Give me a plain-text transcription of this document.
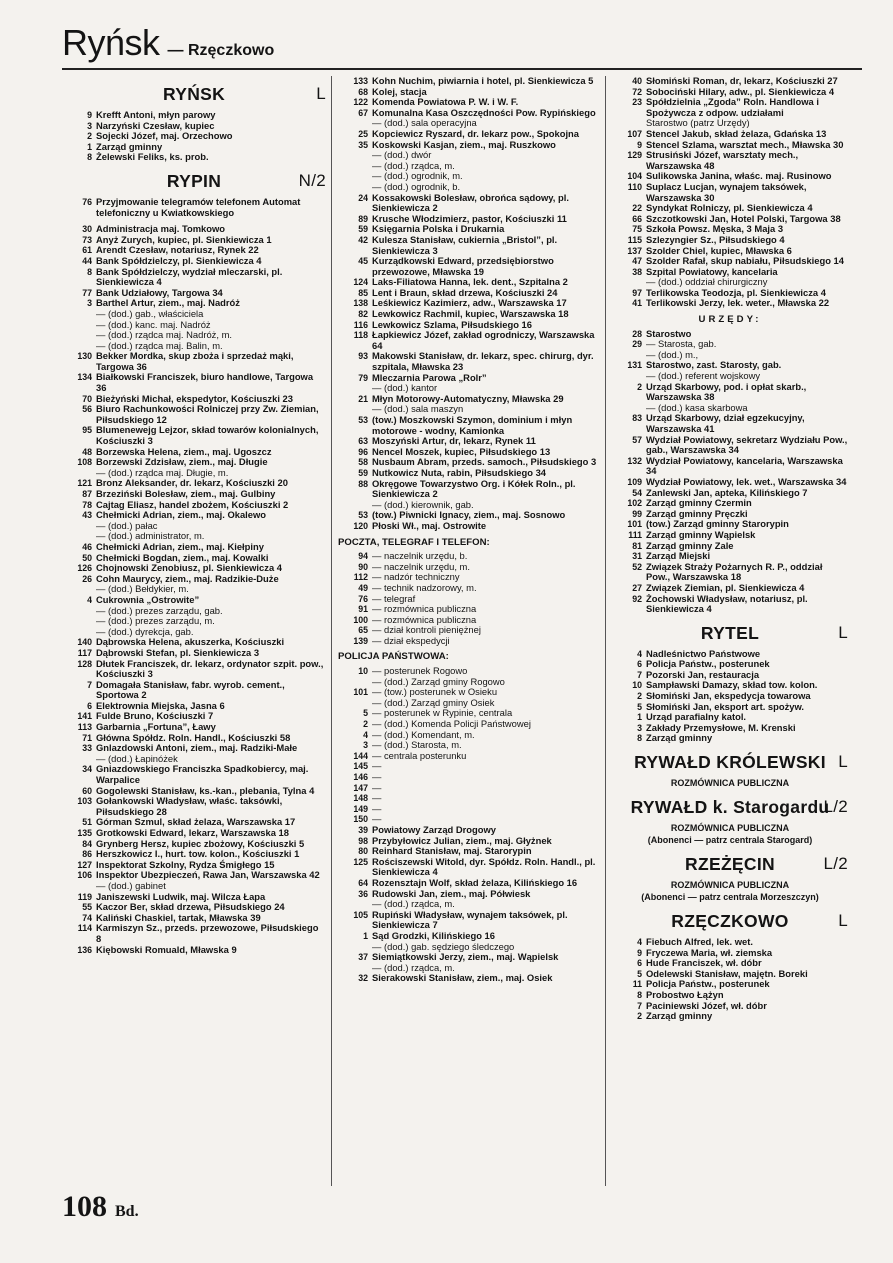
Ryńsk — Rzęczkowo
RYŃSK	L
9 Krefft Antoni, młyn parowy
3 Narzyński Czesław, kupiec
2 Sojecki Józef, maj. Orzechowo
1 Zarząd gminny
8 Żelewski Feliks, ks. prob.
RYPIN	N/2
76 Przyjmowanie telegramów telefonem Automat telefoniczny u Kwiatkowskiego
30 Administracja maj. Tomkowo
73 Anyż Zurych, kupiec, pl. Sienkiewicza 1
61 Arendt Czesław, notariusz, Rynek 22
44 Bank Spółdzielczy, pl. Sienkiewicza 4
8 Bank Spółdzielczy, wydział mleczarski, pl. Sienkiewicza 4
77 Bank Udziałowy, Targowa 34
3 Barthel Artur, ziem., maj. Nadróż
— (dod.) gab., właściciela
— (dod.) kanc. maj. Nadróż
— (dod.) rządca maj. Nadróż, m.
— (dod.) rządca maj. Balin, m.
130 Bekker Mordka, skup zboża i sprzedaż mąki, Targowa 36
134 Białkowski Franciszek, biuro handlowe, Targowa 36
70 Bieżyński Michał, ekspedytor, Kościuszki 23
56 Biuro Rachunkowości Rolniczej przy Zw. Ziemian, Piłsudskiego 12
95 Blumenewejg Lejzor, skład towarów kolonialnych, Kościuszki 3
48 Borzewska Helena, ziem., maj. Ugoszcz
108 Borzewski Zdzisław, ziem., maj. Długie
— (dod.) rządca maj. Długie, m.
121 Bronz Aleksander, dr. lekarz, Kościuszki 20
87 Brzeziński Bolesław, ziem., maj. Gulbiny
78 Cajtag Eliasz, handel zbożem, Kościuszki 2
43 Chełmicki Adrian, ziem., maj. Okalewo
— (dod.) pałac
— (dod.) administrator, m.
46 Chełmicki Adrian, ziem., maj. Kiełpiny
50 Chełmicki Bogdan, ziem., maj. Kowalki
126 Chojnowski Zenobiusz, pl. Sienkiewicza 4
26 Cohn Maurycy, ziem., maj. Radzikie-Duże
— (dod.) Bełdykier, m.
4 Cukrownia „Ostrowite”
— (dod.) prezes zarządu, gab.
— (dod.) prezes zarządu, m.
— (dod.) dyrekcja, gab.
140 Dąbrowska Helena, akuszerka, Kościuszki
117 Dąbrowski Stefan, pl. Sienkiewicza 3
128 Dłutek Franciszek, dr. lekarz, ordynator szpit. pow., Kościuszki 3
7 Domagała Stanisław, fabr. wyrob. cement., Sportowa 2
6 Elektrownia Miejska, Jasna 6
141 Fulde Bruno, Kościuszki 7
113 Garbarnia „Fortuna”, Ławy
71 Główna Spółdz. Roln. Handl., Kościuszki 58
33 Gnlazdowski Antoni, ziem., maj. Radziki-Małe
— (dod.) Łapinóżek
34 Gniazdowskiego Franciszka Spadkobiercy, maj. Warpalice
60 Gogolewski Stanisław, ks.-kan., plebania, Tylna 4
103 Gołankowski Władysław, właśc. taksówki, Piłsudskiego 28
51 Górman Szmul, skład żelaza, Warszawska 17
135 Grotkowski Edward, lekarz, Warszawska 18
84 Grynberg Hersz, kupiec zbożowy, Kościuszki 5
86 Herszkowicz I., hurt. tow. kolon., Kościuszki 1
127 Inspektorat Szkolny, Rydza Śmigłego 15
106 Inspektor Ubezpieczeń, Rawa Jan, Warszawska 42
— (dod.) gabinet
119 Janiszewski Ludwik, maj. Wilcza Łapa
55 Kaczor Ber, skład drzewa, Piłsudskiego 24
74 Kaliński Chaskiel, tartak, Mławska 39
114 Karmiszyn Sz., przeds. przewozowe, Piłsudskiego 8
136 Kiębowski Romuald, Mławska 9
133 Kohn Nuchim, piwiarnia i hotel, pl. Sienkiewicza 5
68 Kolej, stacja
122 Komenda Powiatowa P. W. i W. F.
67 Komunalna Kasa Oszczędności Pow. Rypińskiego
— (dod.) sala operacyjna
25 Kopciewicz Ryszard, dr. lekarz pow., Spokojna
35 Koskowski Kasjan, ziem., maj. Ruszkowo
— (dod.) dwór
— (dod.) rządca, m.
— (dod.) ogrodnik, m.
— (dod.) ogrodnik, b.
24 Kossakowski Bolesław, obrońca sądowy, pl. Sienkiewicza 2
89 Krusche Włodzimierz, pastor, Kościuszki 11
59 Księgarnia Polska i Drukarnia
42 Kulesza Stanisław, cukiernia „Bristol”, pl. Sienkiewicza 3
45 Kurządkowski Edward, przedsiębiorstwo przewozowe, Mławska 19
124 Laks-Filiatowa Hanna, lek. dent., Szpitalna 2
85 Lent i Braun, skład drzewa, Kościuszki 24
138 Leśkiewicz Kazimierz, adw., Warszawska 17
82 Lewkowicz Rachmil, kupiec, Warszawska 18
116 Lewkowicz Szlama, Piłsudskiego 16
118 Łapkiewicz Józef, zakład ogrodniczy, Warszawska 64
93 Makowski Stanisław, dr. lekarz, spec. chirurg, dyr. szpitala, Mławska 23
79 Mleczarnia Parowa „Rolr”
— (dod.) kantor
21 Młyn Motorowy-Automatyczny, Mławska 29
— (dod.) sala maszyn
53 (tow.) Moszkowski Szymon, dominium i młyn motorowe - wodny, Kamionka
63 Moszyński Artur, dr, lekarz, Rynek 11
96 Nencel Moszek, kupiec, Piłsudskiego 13
58 Nusbaum Abram, przeds. samoch., Piłsudskiego 3
59 Nutkowicz Nuta, rabin, Piłsudskiego 34
88 Okręgowe Towarzystwo Org. i Kółek Roln., pl. Sienkiewicza 2
— (dod.) kierownik, gab.
53 (tow.) Piwnicki Ignacy, ziem., maj. Sosnowo
120 Płoski Wł., maj. Ostrowite
POCZTA, TELEGRAF I TELEFON:
94 — naczelnik urzędu, b.
90 — naczelnik urzędu, m.
112 — nadzór techniczny
49 — technik nadzorowy, m.
76 — telegraf
91 — rozmównica publiczna
100 — rozmównica publiczna
65 — dział kontroli pieniężnej
139 — dział ekspedycji
POLICJA PAŃSTWOWA:
10 — posterunek Rogowo
— (dod.) Zarząd gminy Rogowo
101 — (tow.) posterunek w Osieku
— (dod.) Zarząd gminy Osiek
5 — posterunek w Rypinie, centrala
2 — (dod.) Komenda Policji Państwowej
4 — (dod.) Komendant, m.
3 — (dod.) Starosta, m.
144 — centrala posterunku
145 —
146 —
147 —
148 —
149 —
150 —
39 Powiatowy Zarząd Drogowy
98 Przybyłowicz Julian, ziem., maj. Głyżnek
80 Reinhard Stanisław, maj. Starorypin
125 Rościszewski Witold, dyr. Spółdz. Roln. Handl., pl. Sienkiewicza 4
64 Rozensztajn Wolf, skład żelaza, Kilińskiego 16
36 Rudowski Jan, ziem., maj. Półwiesk
— (dod.) rządca, m.
105 Rupiński Władysław, wynajem taksówek, pl. Sienkiewicza 7
1 Sąd Grodzki, Kilińskiego 16
— (dod.) gab. sędziego śledczego
37 Siemiątkowski Jerzy, ziem., maj. Wąpielsk
— (dod.) rządca, m.
32 Sierakowski Stanisław, ziem., maj. Osiek
40 Słomiński Roman, dr, lekarz, Kościuszki 27
72 Sobociński Hilary, adw., pl. Sienkiewicza 4
23 Spółdzielnia „Zgoda” Roln. Handlowa i Spożywcza z odpow. udziałami
Starostwo (patrz Urzędy)
107 Stencel Jakub, skład żelaza, Gdańska 13
9 Stencel Szlama, warsztat mech., Mławska 30
129 Strusiński Józef, warsztaty mech., Warszawska 48
104 Sulikowska Janina, właśc. maj. Rusinowo
110 Suplacz Lucjan, wynajem taksówek, Warszawska 30
22 Syndykat Rolniczy, pl. Sienkiewicza 4
66 Szczotkowski Jan, Hotel Polski, Targowa 38
75 Szkoła Powsz. Męska, 3 Maja 3
115 Szlezyngier Sz., Piłsudskiego 4
137 Szolder Chiel, kupiec, Mławska 6
47 Szolder Rafał, skup nabiału, Piłsudskiego 14
38 Szpital Powiatowy, kancelaria
— (dod.) oddział chirurgiczny
97 Terlikowska Teodozja, pl. Sienkiewicza 4
41 Terlikowski Jerzy, lek. weter., Mławska 22
URZĘDY:
28 Starostwo
29 — Starosta, gab.
— (dod.) m.,
131 Starostwo, zast. Starosty, gab.
— (dod.) referent wojskowy
2 Urząd Skarbowy, pod. i opłat skarb., Warszawska 38
— (dod.) kasa skarbowa
83 Urząd Skarbowy, dział egzekucyjny, Warszawska 41
57 Wydział Powiatowy, sekretarz Wydziału Pow., gab., Warszawska 34
132 Wydział Powiatowy, kancelaria, Warszawska 34
109 Wydział Powiatowy, lek. wet., Warszawska 34
54 Zanlewski Jan, apteka, Kilińskiego 7
102 Zarząd gminny Czermin
99 Zarząd gminny Pręczki
101 (tow.) Zarząd gminny Starorypin
111 Zarząd gminny Wąpielsk
81 Zarząd gminny Zale
31 Zarząd Miejski
52 Związek Straży Pożarnych R. P., oddział Pow., Warszawska 18
27 Związek Ziemian, pl. Sienkiewicza 4
92 Żochowski Władysław, notariusz, pl. Sienkiewicza 4
RYTEL	L
4 Nadleśnictwo Państwowe
6 Policja Państw., posterunek
7 Pozorski Jan, restauracja
10 Sampławski Damazy, skład tow. kolon.
2 Słomiński Jan, ekspedycja towarowa
5 Słomiński Jan, eksport art. spożyw.
1 Urząd parafialny katol.
3 Zakłady Przemysłowe, M. Krenski
8 Zarząd gminny
RYWAŁD KRÓLEWSKI L
ROZMÓWNICA PUBLICZNA
RYWAŁD k. Starogardu
L/2
ROZMÓWNICA PUBLICZNA
(Abonenci — patrz centrala Starogard)
RZEŻĘCIN	L/2
ROZMÓWNICA PUBLICZNA
(Abonenci — patrz centrala Morzeszczyn)
RZĘCZKOWO	L
4 Fiebuch Alfred, lek. wet.
9 Fryczewa Maria, wł. ziemska
6 Hude Franciszek, wł. dóbr
5 Odelewski Stanisław, majętn. Boreki
11 Policja Państw., posterunek
8 Probostwo Łążyn
7 Paciniewski Józef, wł. dóbr
2 Zarząd gminny
108 Bd.
